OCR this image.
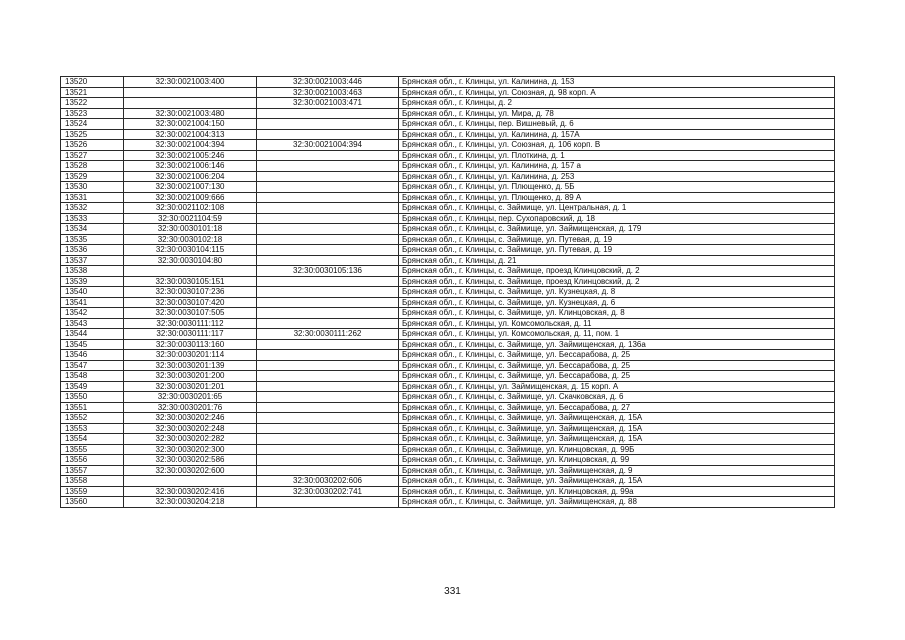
13520	32:30:0021003:400	32:30:0021003:446	Брянская обл., г. Клинцы, ул. Калинина, д. 153
13521		32:30:0021003:463	Брянская обл., г. Клинцы, ул. Союзная, д. 98 корп. А
13522		32:30:0021003:471	Брянская обл., г. Клинцы, д. 2
13523	32:30:0021003:480		Брянская обл., г. Клинцы, ул. Мира, д. 78
13524	32:30:0021004:150		Брянская обл., г. Клинцы, пер. Вишневый, д. 6
13525	32:30:0021004:313		Брянская обл., г. Клинцы, ул. Калинина, д. 157А
13526	32:30:0021004:394	32:30:0021004:394	Брянская обл., г. Клинцы, ул. Союзная, д. 106 корп. В
13527	32:30:0021005:246		Брянская обл., г. Клинцы, ул. Плоткина, д. 1
13528	32:30:0021006:146		Брянская обл., г. Клинцы, ул. Калинина, д. 157 а
13529	32:30:0021006:204		Брянская обл., г. Клинцы, ул. Калинина, д. 253
13530	32:30:0021007:130		Брянская обл., г. Клинцы, ул. Плющенко, д. 5Б
13531	32:30:0021009:666		Брянская обл., г. Клинцы, ул. Плющенко, д. 89 А
13532	32:30:0021102:108		Брянская обл., г. Клинцы, с. Займище, ул. Центральная, д. 1
13533	32:30:0021104:59		Брянская обл., г. Клинцы, пер. Сухопаровский, д. 18
13534	32:30:0030101:18		Брянская обл., г. Клинцы, с. Займище, ул. Займищенская, д. 179
13535	32:30:0030102:18		Брянская обл., г. Клинцы, с. Займище, ул. Путевая, д. 19
13536	32:30:0030104:115		Брянская обл., г. Клинцы, с. Займище, ул. Путевая, д. 19
13537	32:30:0030104:80		Брянская обл., г. Клинцы, д. 21
13538		32:30:0030105:136	Брянская обл., г. Клинцы, с. Займище, проезд Клинцовский, д. 2
13539	32:30:0030105:151		Брянская обл., г. Клинцы, с. Займище, проезд Клинцовский, д. 2
13540	32:30:0030107:236		Брянская обл., г. Клинцы, с. Займище, ул. Кузнецкая, д. 8
13541	32:30:0030107:420		Брянская обл., г. Клинцы, с. Займище, ул. Кузнецкая, д. 6
13542	32:30:0030107:505		Брянская обл., г. Клинцы, с. Займище, ул. Клинцовская, д. 8
13543	32:30:0030111:112		Брянская обл., г. Клинцы, ул. Комсомольская, д. 11
13544	32:30:0030111:117	32:30:0030111:262	Брянская обл., г. Клинцы, ул. Комсомольская, д. 11, пом. 1
13545	32:30:0030113:160		Брянская обл., г. Клинцы, с. Займище, ул. Займищенская, д. 136а
13546	32:30:0030201:114		Брянская обл., г. Клинцы, с. Займище, ул. Бессарабова, д. 25
13547	32:30:0030201:139		Брянская обл., г. Клинцы, с. Займище, ул. Бессарабова, д. 25
13548	32:30:0030201:200		Брянская обл., г. Клинцы, с. Займище, ул. Бессарабова, д. 25
13549	32:30:0030201:201		Брянская обл., г. Клинцы, ул. Займищенская, д. 15 корп. А
13550	32:30:0030201:65		Брянская обл., г. Клинцы, с. Займище, ул. Скачковская, д. 6
13551	32:30:0030201:76		Брянская обл., г. Клинцы, с. Займище, ул. Бессарабова, д. 27
13552	32:30:0030202:246		Брянская обл., г. Клинцы, с. Займище, ул. Займищенская, д. 15А
13553	32:30:0030202:248		Брянская обл., г. Клинцы, с. Займище, ул. Займищенская, д. 15А
13554	32:30:0030202:282		Брянская обл., г. Клинцы, с. Займище, ул. Займищенская, д. 15А
13555	32:30:0030202:300		Брянская обл., г. Клинцы, с. Займище, ул. Клинцовская, д. 99Б
13556	32:30:0030202:586		Брянская обл., г. Клинцы, с. Займище, ул. Клинцовская, д. 99
13557	32:30:0030202:600		Брянская обл., г. Клинцы, с. Займище, ул. Займищенская, д. 9
13558		32:30:0030202:606	Брянская обл., г. Клинцы, с. Займище, ул. Займищенская, д. 15А
13559	32:30:0030202:416	32:30:0030202:741	Брянская обл., г. Клинцы, с. Займище, ул. Клинцовская, д. 99а
13560	32:30:0030204:218		Брянская обл., г. Клинцы, с. Займище, ул. Займищенская, д. 88
331
